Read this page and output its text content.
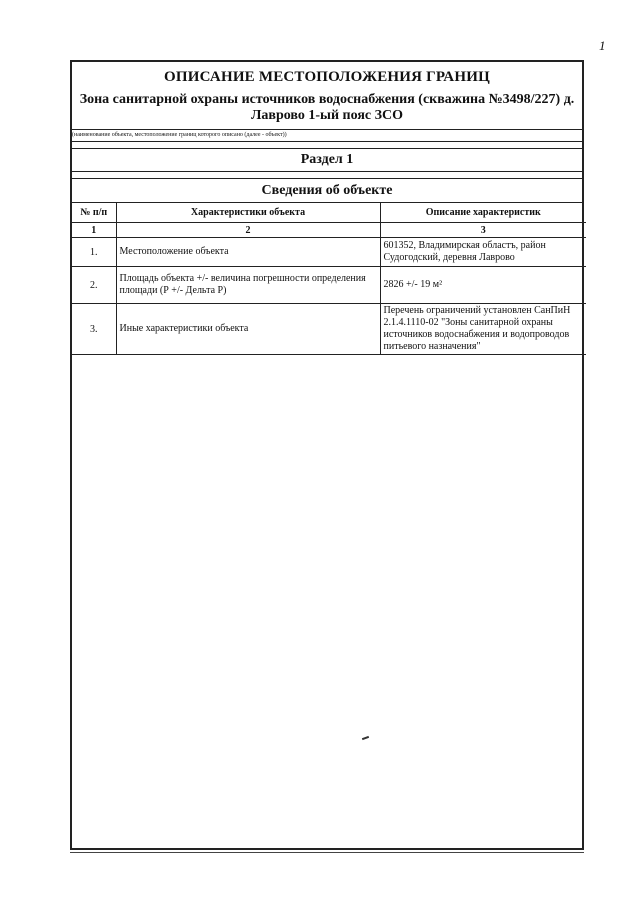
1
ОПИСАНИЕ МЕСТОПОЛОЖЕНИЯ ГРАНИЦ
Зона санитарной охраны источников водоснабжения (скважина №3498/227) д. Лаврово 1-ый пояс ЗСО
(наименование объекта, местоположение границ которого описано (далее - объект))
Раздел 1
Сведения об объекте
№ п/п	Характеристики объекта	Описание характеристик
1	2	3
1.	Местоположение объекта	601352, Владимирская областъ, район Судогодский, деревня Лаврово
2.	Площадь объекта +/- величина погрешности определения площади (Р +/- Дельта Р)	2826 +/- 19 м²
3.	Иные характеристики объекта	Перечень ограничений установлен СанПиН 2.1.4.1110-02 "Зоны санитарной охраны источников водоснабжения и водопроводов питьевого назначения"
